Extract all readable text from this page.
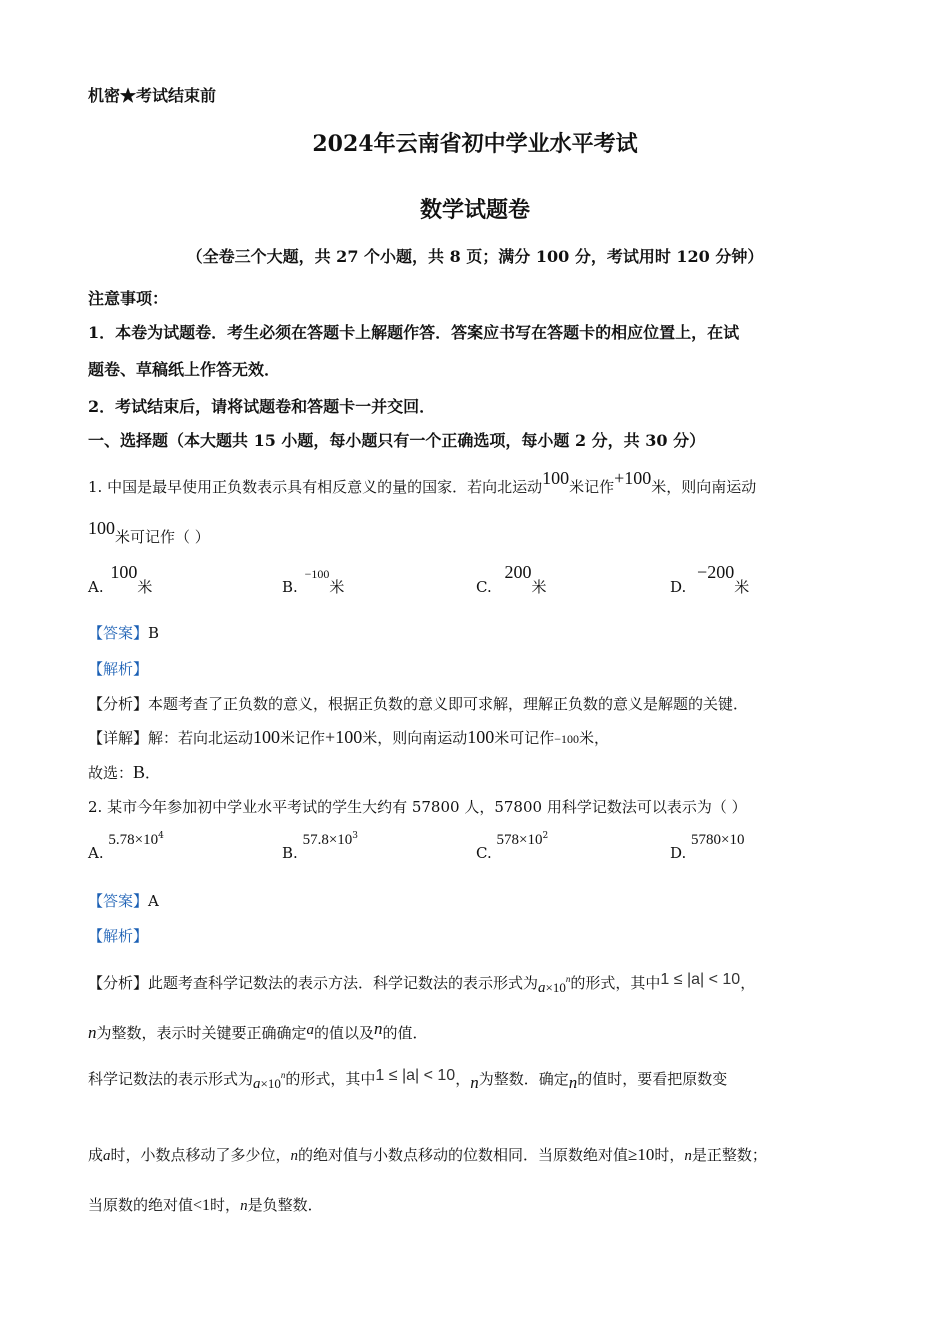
机密★考试结束前
2024年云南省初中学业水平考试
数学试题卷
（全卷三个大题，共 27 个小题，共 8 页；满分 100 分，考试用时 120 分钟）
注意事项：
1．本卷为试题卷．考生必须在答题卡上解题作答．答案应书写在答题卡的相应位置上，在试
题卷、草稿纸上作答无效．
2．考试结束后，请将试题卷和答题卡一并交回．
一、选择题（本大题共 15 小题，每小题只有一个正确选项，每小题 2 分，共 30 分）
1. 中国是最早使用正负数表示具有相反意义的量的国家．若向北运动100米记作+100米，则向南运动
100米可记作（ ）
A. 100米	B. −100米	C. 200米	D. −200米
【答案】B
【解析】
【分析】本题考查了正负数的意义，根据正负数的意义即可求解，理解正负数的意义是解题的关键．
【详解】解：若向北运动100米记作+100米，则向南运动100米可记作−100米，
故选：B．
2. 某市今年参加初中学业水平考试的学生大约有 57800 人，57800 用科学记数法可以表示为（ ）
A. $5.78\times 10^4$
B. $57.8\times 10^3$
C. $578\times 10^2$
D. 5780×10
【答案】A
【解析】
【分析】此题考查科学记数法的表示方法．科学记数法的表示形式为$a\times 10^n$的形式，其中1 ≤ |a| < 10，
n为整数，表示时关键要正确确定a的值以及n的值．
科学记数法的表示形式为$a\times 10^n$的形式，其中1 ≤ |a| < 10，n为整数．确定n的值时，要看把原数变
成a时，小数点移动了多少位，n的绝对值与小数点移动的位数相同．当原数绝对值≥10时，n是正整数；
当原数的绝对值<1时，n是负整数．
